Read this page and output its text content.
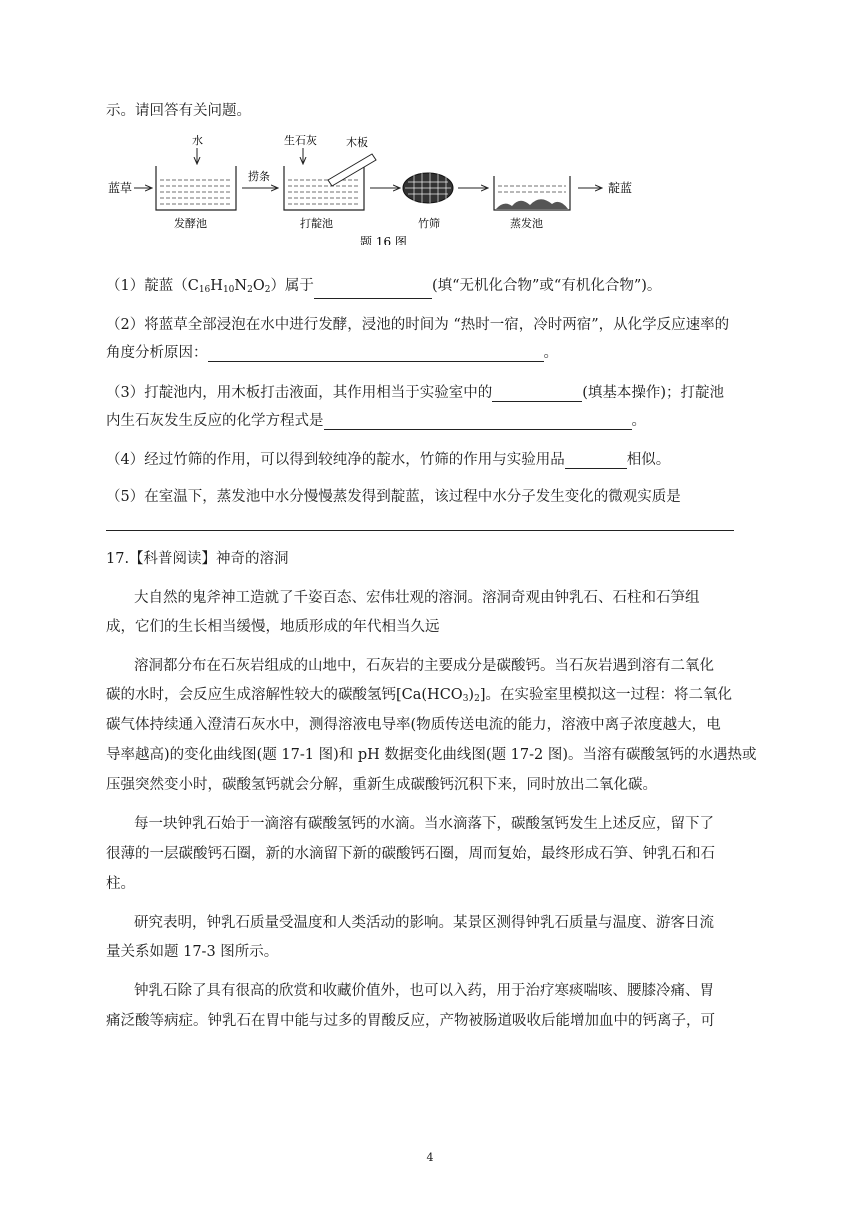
示。请回答有关问题。
蓝草
水
发酵池
捞条
生石灰	木板
打靛池	竹筛	蒸发池
靛蓝
题 16 图
（1）靛蓝$(C_{16}H_{10}N_2O_2)$属于	(填“无机化合物”或“有机化合物”)。
（2）将蓝草全部浸泡在水中进行发酵，浸池的时间为 “热时一宿，冷时两宿”，从化学反应速率的
角度分析原因：	。
（3）打靛池内，用木板打击液面，其作用相当于实验室中的	(填基本操作)；打靛池
内生石灰发生反应的化学方程式是	。
（4）经过竹筛的作用，可以得到较纯净的靛水，竹筛的作用与实验用品	相似。
（5）在室温下，蒸发池中水分慢慢蒸发得到靛蓝，该过程中水分子发生变化的微观实质是
17.【科普阅读】神奇的溶洞
大自然的鬼斧神工造就了千姿百态、宏伟壮观的溶洞。溶洞奇观由钟乳石、石柱和石笋组
成，它们的生长相当缓慢，地质形成的年代相当久远
溶洞都分布在石灰岩组成的山地中，石灰岩的主要成分是碳酸钙。当石灰岩遇到溶有二氧化
碳的水时，会反应生成溶解性较大的碳酸氢钙$[Ca(HCO_3)_2]$。在实验室里模拟这一过程：将二氧化
碳气体持续通入澄清石灰水中，测得溶液电导率(物质传送电流的能力，溶液中离子浓度越大，电
导率越高)的变化曲线图(题 17-1 图)和 pH 数据变化曲线图(题 17-2 图)。当溶有碳酸氢钙的水遇热或
压强突然变小时，碳酸氢钙就会分解，重新生成碳酸钙沉积下来，同时放出二氧化碳。
每一块钟乳石始于一滴溶有碳酸氢钙的水滴。当水滴落下，碳酸氢钙发生上述反应，留下了
很薄的一层碳酸钙石圈，新的水滴留下新的碳酸钙石圈，周而复始，最终形成石笋、钟乳石和石
柱。
研究表明，钟乳石质量受温度和人类活动的影响。某景区测得钟乳石质量与温度、游客日流
量关系如题 17-3 图所示。
钟乳石除了具有很高的欣赏和收藏价值外，也可以入药，用于治疗寒痰喘咳、腰膝冷痛、胃
痛泛酸等病症。钟乳石在胃中能与过多的胃酸反应，产物被肠道吸收后能增加血中的钙离子，可
4
